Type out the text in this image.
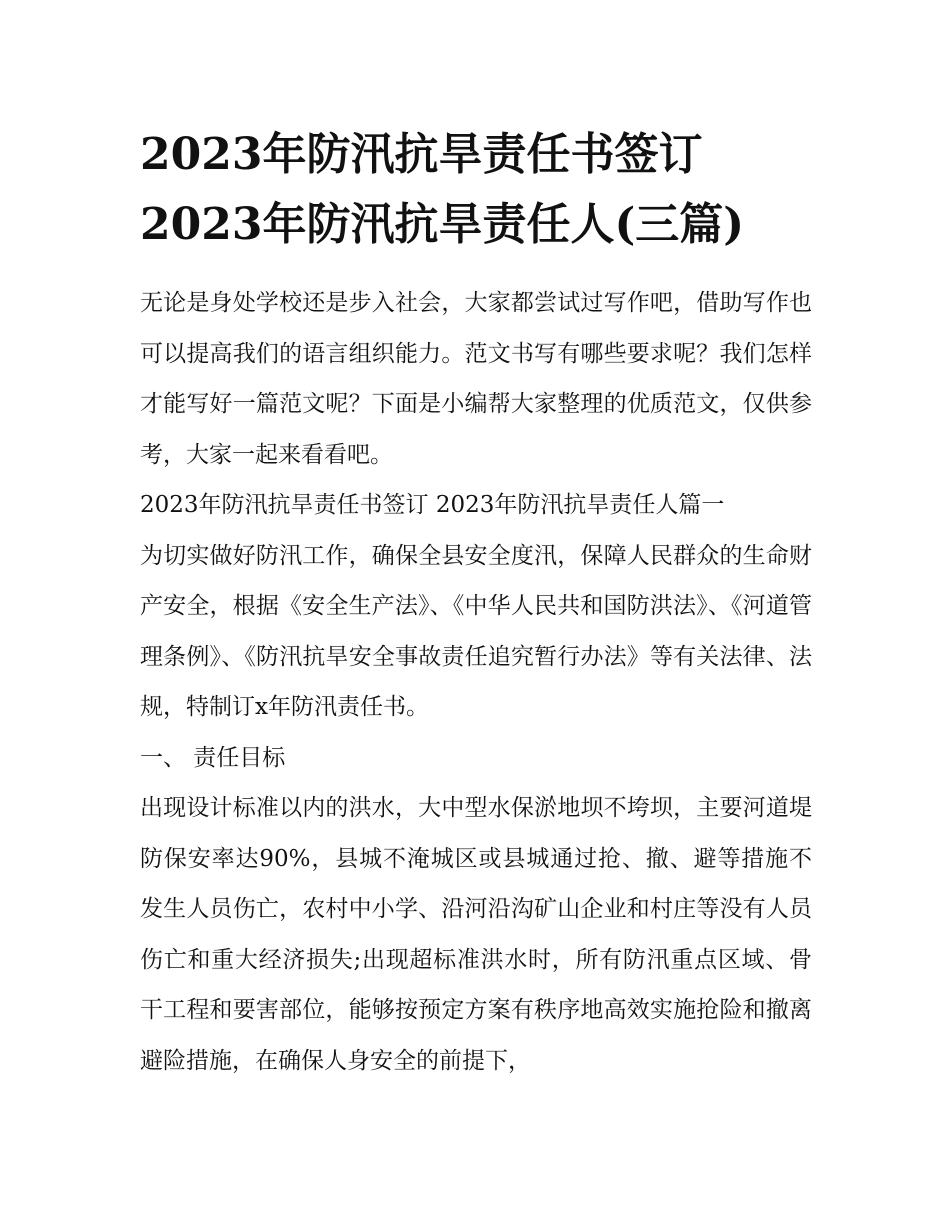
2023年防汛抗旱责任书签订
2023年防汛抗旱责任人(三篇)

无论是身处学校还是步入社会，大家都尝试过写作吧，借助写作也可以提高我们的语言组织能力。范文书写有哪些要求呢？我们怎样才能写好一篇范文呢？下面是小编帮大家整理的优质范文，仅供参考，大家一起来看看吧。

2023年防汛抗旱责任书签订 2023年防汛抗旱责任人篇一

为切实做好防汛工作，确保全县安全度汛，保障人民群众的生命财产安全，根据《安全生产法》、《中华人民共和国防洪法》、《河道管理条例》、《防汛抗旱安全事故责任追究暂行办法》等有关法律、法规，特制订x年防汛责任书。

一、 责任目标

出现设计标准以内的洪水，大中型水保淤地坝不垮坝，主要河道堤防保安率达90%，县城不淹城区或县城通过抢、撤、避等措施不发生人员伤亡，农村中小学、沿河沿沟矿山企业和村庄等没有人员伤亡和重大经济损失;出现超标准洪水时，所有防汛重点区域、骨干工程和要害部位，能够按预定方案有秩序地高效实施抢险和撤离避险措施，在确保人身安全的前提下，
